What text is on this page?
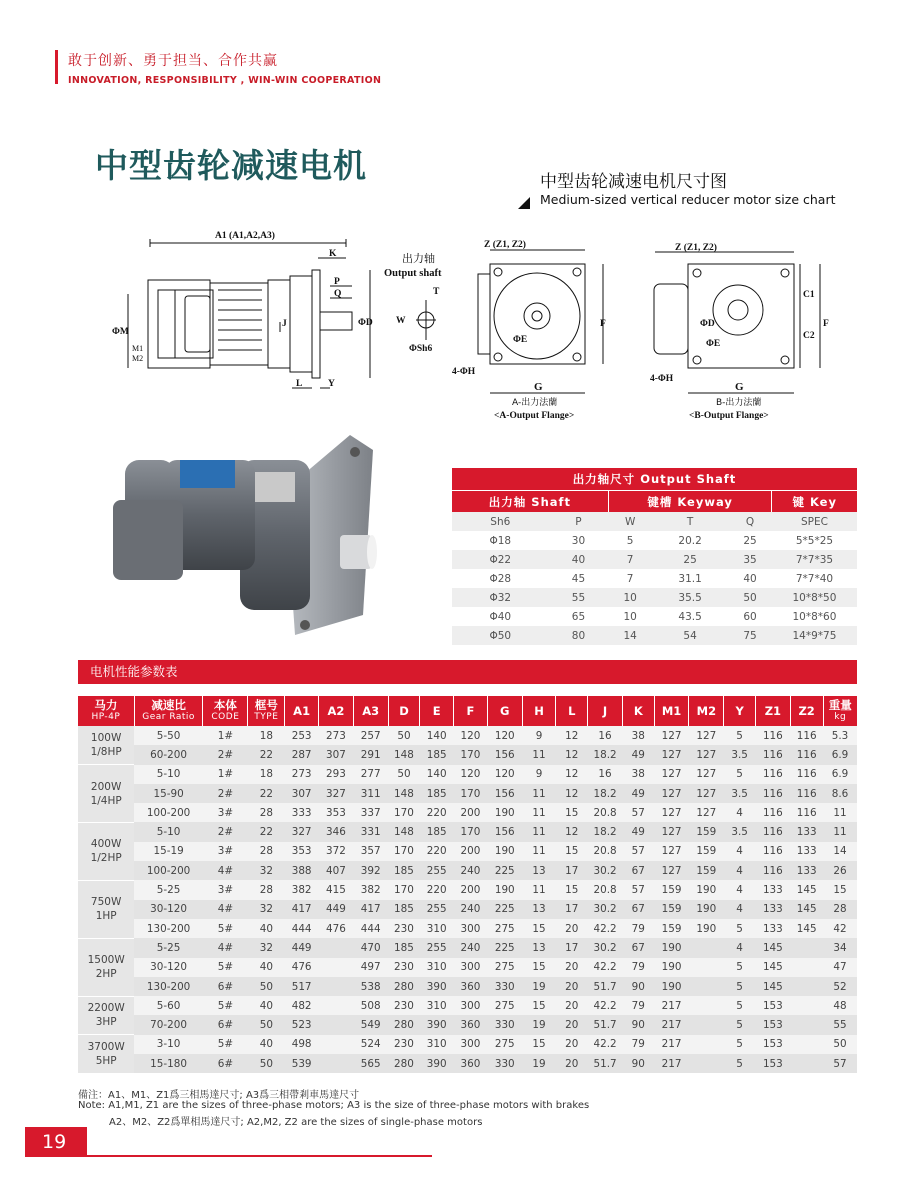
敢于创新、勇于担当、合作共赢
INNOVATION, RESPONSIBILITY , WIN-WIN COOPERATION
中型齿轮减速电机	中型齿轮减速电机尺寸图
Medium-sized vertical reducer motor size chart
A1 (A1,A2,A3)
K
P
Q
J	ΦD
ΦM
M1
M2
L	Y
出力轴
Output shaft
T
W
ΦSh6
Z (Z1, Z2)
F
ΦE
4-ΦH
G
A-出力法蘭
<A-Output Flange>
Z (Z1, Z2)
C1
C2
F
ΦD
ΦE
4-ΦH
G
B-出力法蘭
<B-Output Flange>
出力轴尺寸 Output Shaft					
出力轴 Shaft		键槽 Keyway			键 Key
Sh6	P	W	T	Q	SPEC
Φ18	30	5	20.2	25	5*5*25
Φ22	40	7	25	35	7*7*35
Φ28	45	7	31.1	40	7*7*40
Φ32	55	10	35.5	50	10*8*50
Φ40	65	10	43.5	60	10*8*60
Φ50	80	14	54	75	14*9*75
电机性能参数表
马力
HP-4P	减速比
Gear Ratio	本体
CODE	框号
TYPE	A1	A2	A3	D	E	F	G	H	L	J	K	M1	M2	Y	Z1	Z2	重量
kg

100W
1/8HP	5-50	1#	18	253	273	257	50	140	120	120	9	12	16	38	127	127	5	116	116	5.3
	60-200	2#	22	287	307	291	148	185	170	156	11	12	18.2	49	127	127	3.5	116	116	6.9

200W
1/4HP	5-10	1#	18	273	293	277	50	140	120	120	9	12	16	38	127	127	5	116	116	6.9
	15-90	2#	22	307	327	311	148	185	170	156	11	12	18.2	49	127	127	3.5	116	116	8.6
	100-200	3#	28	333	353	337	170	220	200	190	11	15	20.8	57	127	127	4	116	116	11

400W
1/2HP	5-10	2#	22	327	346	331	148	185	170	156	11	12	18.2	49	127	159	3.5	116	133	11
	15-19	3#	28	353	372	357	170	220	200	190	11	15	20.8	57	127	159	4	116	133	14
	100-200	4#	32	388	407	392	185	255	240	225	13	17	30.2	67	127	159	4	116	133	26

750W
1HP	5-25	3#	28	382	415	382	170	220	200	190	11	15	20.8	57	159	190	4	133	145	15
	30-120	4#	32	417	449	417	185	255	240	225	13	17	30.2	67	159	190	4	133	145	28
	130-200	5#	40	444	476	444	230	310	300	275	15	20	42.2	79	159	190	5	133	145	42

1500W
2HP	5-25	4#	32	449		470	185	255	240	225	13	17	30.2	67	190		4	145		34
	30-120	5#	40	476		497	230	310	300	275	15	20	42.2	79	190		5	145		47
	130-200	6#	50	517		538	280	390	360	330	19	20	51.7	90	190		5	145		52

2200W
3HP	5-60	5#	40	482		508	230	310	300	275	15	20	42.2	79	217		5	153		48
	70-200	6#	50	523		549	280	390	360	330	19	20	51.7	90	217		5	153		55

3700W
5HP	3-10	5#	40	498		524	230	310	300	275	15	20	42.2	79	217		5	153		50
	15-180	6#	50	539		565	280	390	360	330	19	20	51.7	90	217		5	153		57
備注：A1、M1、Z1爲三相馬達尺寸; A3爲三相帶剎車馬達尺寸
Note: A1,M1, Z1 are the sizes of three-phase motors; A3 is the size of three-phase motors with brakes
A2、M2、Z2爲單相馬達尺寸; A2,M2, Z2 are the sizes of single-phase motors
19
